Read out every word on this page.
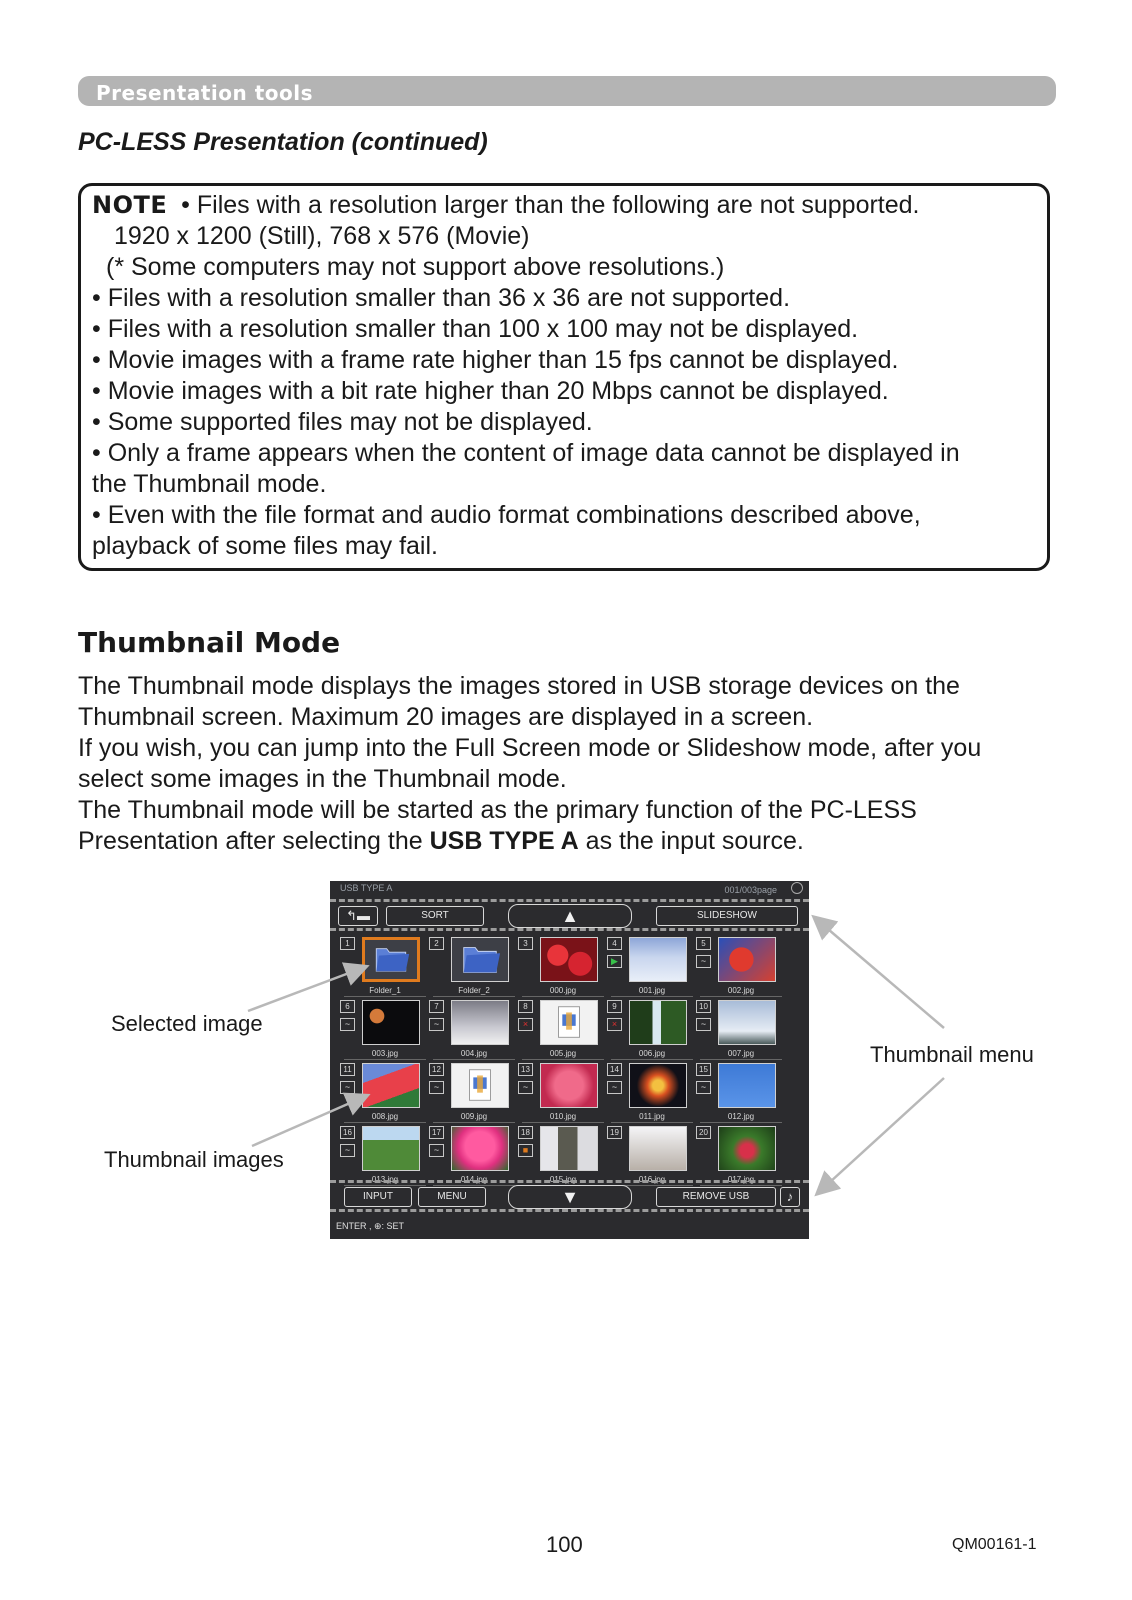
Presentation tools
PC-LESS Presentation (continued)
NOTE • Files with a resolution larger than the following are not supported.
1920 x 1200 (Still), 768 x 576 (Movie)
(* Some computers may not support above resolutions.)
• Files with a resolution smaller than 36 x 36 are not supported.
• Files with a resolution smaller than 100 x 100 may not be displayed.
• Movie images with a frame rate higher than 15 fps cannot be displayed.
• Movie images with a bit rate higher than 20 Mbps cannot be displayed.
• Some supported files may not be displayed.
• Only a frame appears when the content of image data cannot be displayed in
the Thumbnail mode.
• Even with the file format and audio format combinations described above,
playback of some files may fail.
Thumbnail Mode
The Thumbnail mode displays the images stored in USB storage devices on the
Thumbnail screen. Maximum 20 images are displayed in a screen.
If you wish, you can jump into the Full Screen mode or Slideshow mode, after you
select some images in the Thumbnail mode.
The Thumbnail mode will be started as the primary function of the PC-LESS
Presentation after selecting the USB TYPE A as the input source.
USB TYPE A	001/003page
↰▬	SORT	▲	SLIDESHOW
1
Folder_1
2
Folder_2
3
000.jpg
4
▶
001.jpg
5
~
002.jpg
6
~
003.jpg
7
~
004.jpg
8
×
005.jpg
9
×
006.jpg
10
~
007.jpg
11
~
008.jpg
12
~
009.jpg
13
~
010.jpg
14
~
011.jpg
15
~
012.jpg
16
~
013.jpg
17
~
014.jpg
18
■
015.jpg
19
016.jpg
20
017.jpg
INPUT	MENU	▼	REMOVE USB	♪
ENTER , ⊕: SET
Selected image
Thumbnail images
Thumbnail menu
100	QM00161-1
